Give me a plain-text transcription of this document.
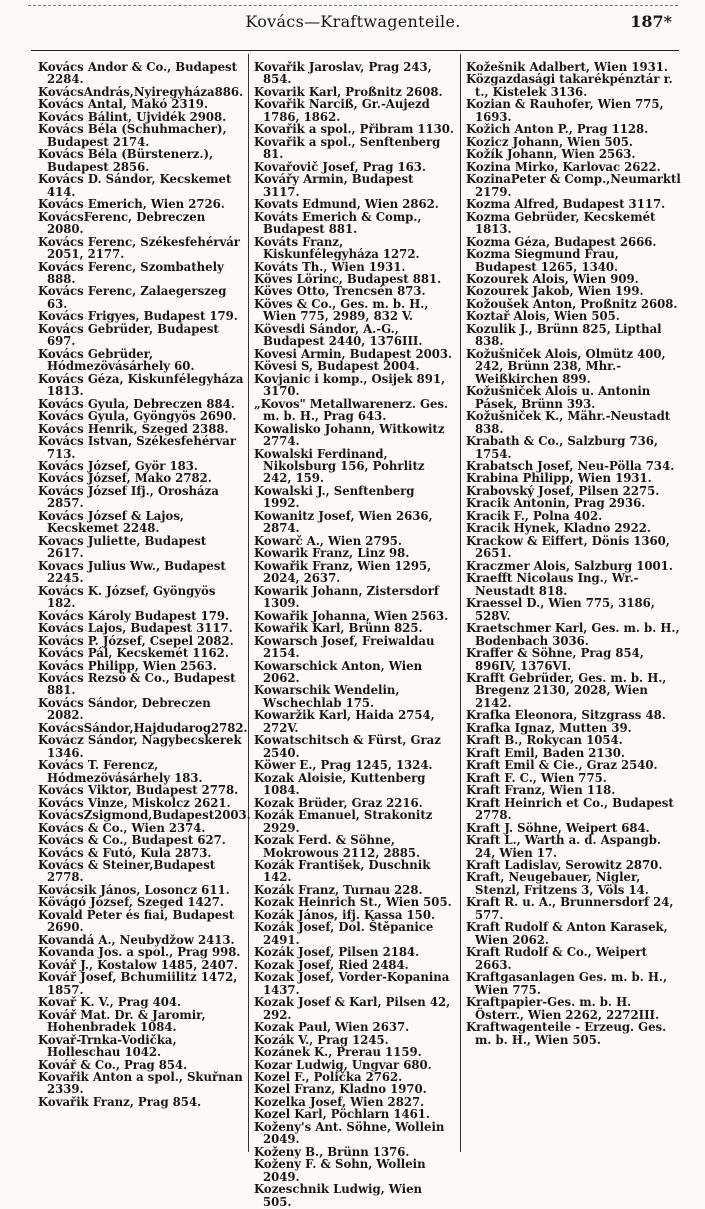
Kovács—Kraftwagenteile.	187*
Kovács Andor & Co., Budapest 2284.
KovácsAndrás,Nyiregyháza886.
Kovács Antal, Makó 2319.
Kovács Bálint, Ujvidék 2908.
Kovács Béla (Schuhmacher), Budapest 2174.
Kovács Béla (Bürstenerz.), Budapest 2856.
Kovács D. Sándor, Kecskemet 414.
Kovács Emerich, Wien 2726.
KovácsFerenc, Debreczen 2080.
Kovács Ferenc, Székesfehérvár 2051, 2177.
Kovács Ferenc, Szombathely 888.
Kovács Ferenc, Zalaegerszeg 63.
Kovács Frigyes, Budapest 179.
Kovács Gebrüder, Budapest 697.
Kovács Gebrüder, Hódmezövásárhely 60.
Kovács Géza, Kiskunfélegyháza 1813.
Kovács Gyula, Debreczen 884.
Kovács Gyula, Gyöngyös 2690.
Kovács Henrik, Szeged 2388.
Kovács Istvan, Székesfehérvar 713.
Kovács József, Györ 183.
Kovács József, Mako 2782.
Kovács József Ifj., Orosháza 2857.
Kovács József & Lajos, Kecskemet 2248.
Kovacs Juliette, Budapest 2617.
Kovacs Julius Ww., Budapest 2245.
Kovács K. József, Gyöngyös 182.
Kovács Károly Budapest 179.
Kovács Lajos, Budapest 3117.
Kovács P. József, Csepel 2082.
Kovács Pál, Kecskemét 1162.
Kovács Philipp, Wien 2563.
Kovács Rezsö & Co., Budapest 881.
Kovács Sándor, Debreczen 2082.
KovácsSándor,Hajdudarog2782.
Kovácz Sándor, Nagybecskerek 1346.
Kovács T. Ferencz, Hódmezövásárhely 183.
Kovács Viktor, Budapest 2778.
Kovács Vinze, Miskolcz 2621.
KovácsZsigmond,Budapest2003.
Kovács & Co., Wien 2374.
Kovács & Co., Budapest 627.
Kovács & Futó, Kula 2873.
Kovács & Steiner,Budapest 2778.
Kovácsik János, Losoncz 611.
Kövágó József, Szeged 1427.
Kovald Peter és fiai, Budapest 2690.
Kovandá A., Neubydžow 2413.
Kovanda Jos. a spol., Prag 998.
Kovář J., Kostalow 1485, 2407.
Kovář Josef, Bchumiilitz 1472, 1857.
Kovař K. V., Prag 404.
Kovář Mat. Dr. & Jaromir, Hohenbradek 1084.
Kovař-Trnka-Vodička, Holleschau 1042.
Kovář & Co., Prag 854.
Kovařik Anton a spol., Skuřnan 2339.
Kovařik Franz, Prag 854.
Kovařik Jaroslav, Prag 243, 854.
Kovarik Karl, Proßnitz 2608.
Kovařik Narciß, Gr.-Aujezd 1786, 1862.
Kovařik a spol., Přibram 1130.
Kovařik a spol., Senftenberg 81.
Kovařovič Josef, Prag 163.
Kovářy Armin, Budapest 3117.
Kovats Edmund, Wien 2862.
Kováts Emerich & Comp., Budapest 881.
Kováts Franz, Kiskunfélegyháza 1272.
Kováts Th., Wien 1931.
Köves Lörinc, Budapest 881.
Köves Otto, Trencsén 873.
Köves & Co., Ges. m. b. H., Wien 775, 2989, 832 V.
Kövesdi Sándor, A.-G., Budapest 2440, 1376III.
Kovesi Armin, Budapest 2003.
Kövesi S, Budapest 2004.
Kovjanic i komp., Osijek 891, 3170.
„Kovos" Metallwarenerz. Ges. m. b. H., Prag 643.
Kowalisko Johann, Witkowitz 2774.
Kowalski Ferdinand, Nikolsburg 156, Pohrlitz 242, 159.
Kowalski J., Senftenberg 1992.
Kowanitz Josef, Wien 2636, 2874.
Kowarč A., Wien 2795.
Kowarik Franz, Linz 98.
Kowařik Franz, Wien 1295, 2024, 2637.
Kowarik Johann, Zistersdorf 1309.
Kowařik Johanna, Wien 2563.
Kowařik Karl, Brünn 825.
Kowarsch Josef, Freiwaldau 2154.
Kowarschick Anton, Wien 2062.
Kowarschik Wendelin, Wschechlab 175.
Kowaržik Karl, Haida 2754, 272V.
Kowatschitsch & Fürst, Graz 2540.
Köwer E., Prag 1245, 1324.
Kozak Aloisie, Kuttenberg 1084.
Kozak Brüder, Graz 2216.
Kozák Emanuel, Strakonitz 2929.
Kozak Ferd. & Söhne, Mokrowous 2112, 2885.
Kozák František, Duschnik 142.
Kozák Franz, Turnau 228.
Kozak Heinrich St., Wien 505.
Kozák János, ifj. Kassa 150.
Kozák Josef, Dol. Štěpanice 2491.
Kozák Josef, Pilsen 2184.
Kozak Josef, Ried 2484.
Kozak Josef, Vorder-Kopanina 1437.
Kozak Josef & Karl, Pilsen 42, 292.
Kozak Paul, Wien 2637.
Kozák V., Prag 1245.
Kozánek K., Prerau 1159.
Kozar Ludwig, Ungvar 680.
Kozel F., Polička 2762.
Kozel Franz, Kladno 1970.
Kozelka Josef, Wien 2827.
Kozel Karl, Pöchlarn 1461.
Koženy's Ant. Söhne, Wollein 2049.
Koženy B., Brünn 1376.
Koženy F. & Sohn, Wollein 2049.
Kozeschnik Ludwig, Wien 505.
Kožešnik Adalbert, Wien 1931.
Közgazdasági takarékpénztár r. t., Kistelek 3136.
Kozian & Rauhofer, Wien 775, 1693.
Kožich Anton P., Prag 1128.
Kozicz Johann, Wien 505.
Kožík Johann, Wien 2563.
Kozina Mirko, Karlovac 2622.
KozinaPeter & Comp.,Neumarktl 2179.
Kozma Alfred, Budapest 3117.
Kozma Gebrüder, Kecskemét 1813.
Kozma Géza, Budapest 2666.
Kozma Siegmund Frau, Budapest 1265, 1340.
Kozourek Alois, Wien 909.
Kozourek Jakob, Wien 199.
Kožoušek Anton, Proßnitz 2608.
Koztař Alois, Wien 505.
Kozulik J., Brünn 825, Lipthal 838.
Kožušniček Alois, Olmütz 400, 242, Brünn 238, Mhr.-Weißkirchen 899.
Kožušniček Alois u. Antonin Pásek, Brünn 393.
Kožušniček K., Mähr.-Neustadt 838.
Krabath & Co., Salzburg 736, 1754.
Krabatsch Josef, Neu-Pölla 734.
Krabina Philipp, Wien 1931.
Krabovský Josef, Pilsen 2275.
Kracik Antonin, Prag 2936.
Kracik F., Polna 402.
Kracik Hynek, Kladno 2922.
Krackow & Eiffert, Dönis 1360, 2651.
Kraczmer Alois, Salzburg 1001.
Kraefft Nicolaus Ing., Wr.-Neustadt 818.
Kraessel D., Wien 775, 3186, 528V.
Kraetschmer Karl, Ges. m. b. H., Bodenbach 3036.
Kraffer & Söhne, Prag 854, 896IV, 1376VI.
Krafft Gebrüder, Ges. m. b. H., Bregenz 2130, 2028, Wien 2142.
Krafka Eleonora, Sitzgrass 48.
Krafka Ignaz, Mutten 39.
Kraft B., Rokycan 1054.
Kraft Emil, Baden 2130.
Kraft Emil & Cie., Graz 2540.
Kraft F. C., Wien 775.
Kraft Franz, Wien 118.
Kraft Heinrich et Co., Budapest 2778.
Kraft J. Söhne, Weipert 684.
Kraft L., Warth a. d. Aspangb. 24, Wien 17.
Kraft Ladislav, Serowitz 2870.
Kraft, Neugebauer, Nigler, Stenzl, Fritzens 3, Völs 14.
Kraft R. u. A., Brunnersdorf 24, 577.
Kraft Rudolf & Anton Karasek, Wien 2062.
Kraft Rudolf & Co., Weipert 2663.
Kraftgasanlagen Ges. m. b. H., Wien 775.
Kraftpapier-Ges. m. b. H. Österr., Wien 2262, 2272III.
Kraftwagenteile - Erzeug. Ges. m. b. H., Wien 505.
